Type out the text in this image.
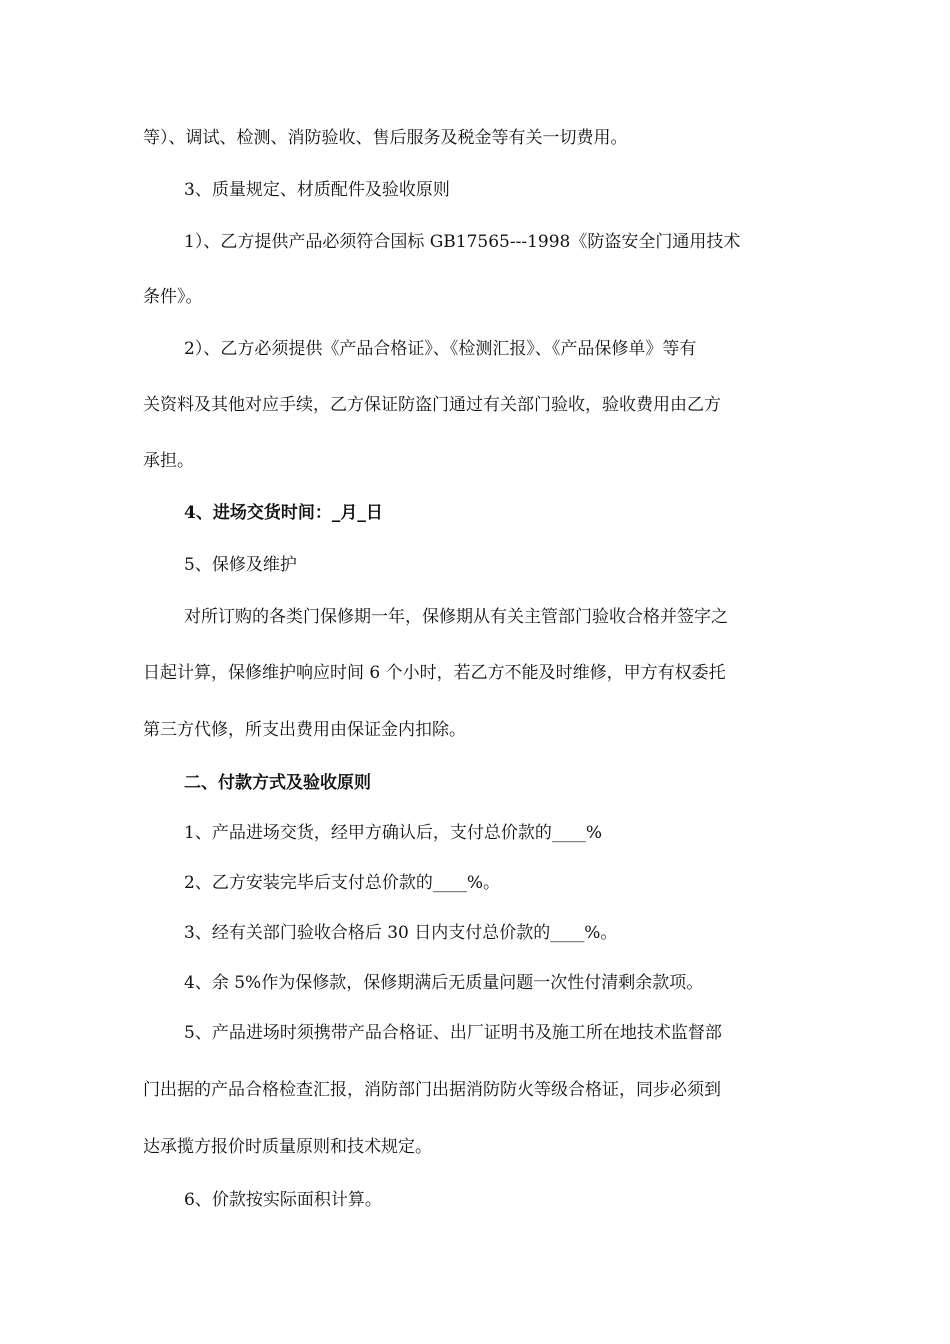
等）、调试、检测、消防验收、售后服务及税金等有关一切费用。
3、质量规定、材质配件及验收原则
1）、乙方提供产品必须符合国标 GB17565---1998《防盗安全门通用技术
条件》。
2）、乙方必须提供《产品合格证》、《检测汇报》、《产品保修单》等有
关资料及其他对应手续，乙方保证防盗门通过有关部门验收，验收费用由乙方
承担。
4、进场交货时间：_月_日
5、保修及维护
对所订购的各类门保修期一年，保修期从有关主管部门验收合格并签字之
日起计算，保修维护响应时间 6 个小时，若乙方不能及时维修，甲方有权委托
第三方代修，所支出费用由保证金内扣除。
二、付款方式及验收原则
1、产品进场交货，经甲方确认后，支付总价款的____%
2、乙方安装完毕后支付总价款的____%。
3、经有关部门验收合格后 30 日内支付总价款的____%。
4、余 5%作为保修款，保修期满后无质量问题一次性付清剩余款项。
5、产品进场时须携带产品合格证、出厂证明书及施工所在地技术监督部
门出据的产品合格检查汇报，消防部门出据消防防火等级合格证，同步必须到
达承揽方报价时质量原则和技术规定。
6、价款按实际面积计算。
